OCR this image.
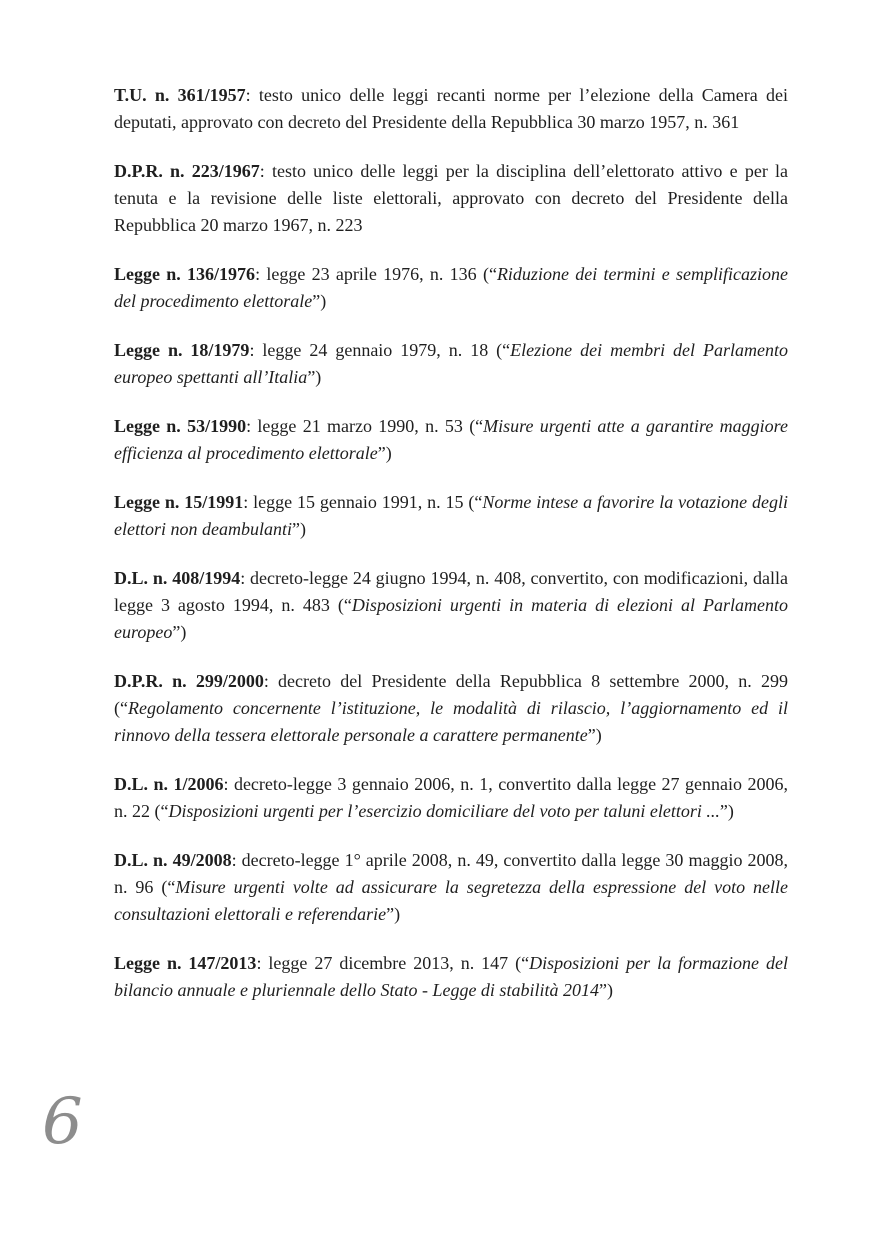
T.U. n. 361/1957: testo unico delle leggi recanti norme per l’elezione della Camera dei deputati, approvato con decreto del Presidente della Repubblica 30 marzo 1957, n. 361

D.P.R. n. 223/1967: testo unico delle leggi per la disciplina dell’elettorato attivo e per la tenuta e la revisione delle liste elettorali, approvato con decreto del Presidente della Repubblica 20 marzo 1967, n. 223

Legge n. 136/1976: legge 23 aprile 1976, n. 136 (“Riduzione dei termini e semplificazione del procedimento elettorale”)

Legge n. 18/1979: legge 24 gennaio 1979, n. 18 (“Elezione dei membri del Parlamento europeo spettanti all’Italia”)

Legge n. 53/1990: legge 21 marzo 1990, n. 53 (“Misure urgenti atte a garantire maggiore efficienza al procedimento elettorale”)

Legge n. 15/1991: legge 15 gennaio 1991, n. 15 (“Norme intese a favorire la votazione degli elettori non deambulanti”)

D.L. n. 408/1994: decreto-legge 24 giugno 1994, n. 408, convertito, con modificazioni, dalla legge 3 agosto 1994, n. 483 (“Disposizioni urgenti in materia di elezioni al Parlamento europeo”)

D.P.R. n. 299/2000: decreto del Presidente della Repubblica 8 settembre 2000, n. 299 (“Regolamento concernente l’istituzione, le modalità di rilascio, l’aggiornamento ed il rinnovo della tessera elettorale personale a carattere permanente”)

D.L. n. 1/2006: decreto-legge 3 gennaio 2006, n. 1, convertito dalla legge 27 gennaio 2006, n. 22 (“Disposizioni urgenti per l’esercizio domiciliare del voto per taluni elettori ...”)

D.L. n. 49/2008: decreto-legge 1° aprile 2008, n. 49, convertito dalla legge 30 maggio 2008, n. 96 (“Misure urgenti volte ad assicurare la segretezza della espressione del voto nelle consultazioni elettorali e referendarie”)

Legge n. 147/2013: legge 27 dicembre 2013, n. 147 (“Disposizioni per la formazione del bilancio annuale e pluriennale dello Stato - Legge di stabilità 2014”)

6
